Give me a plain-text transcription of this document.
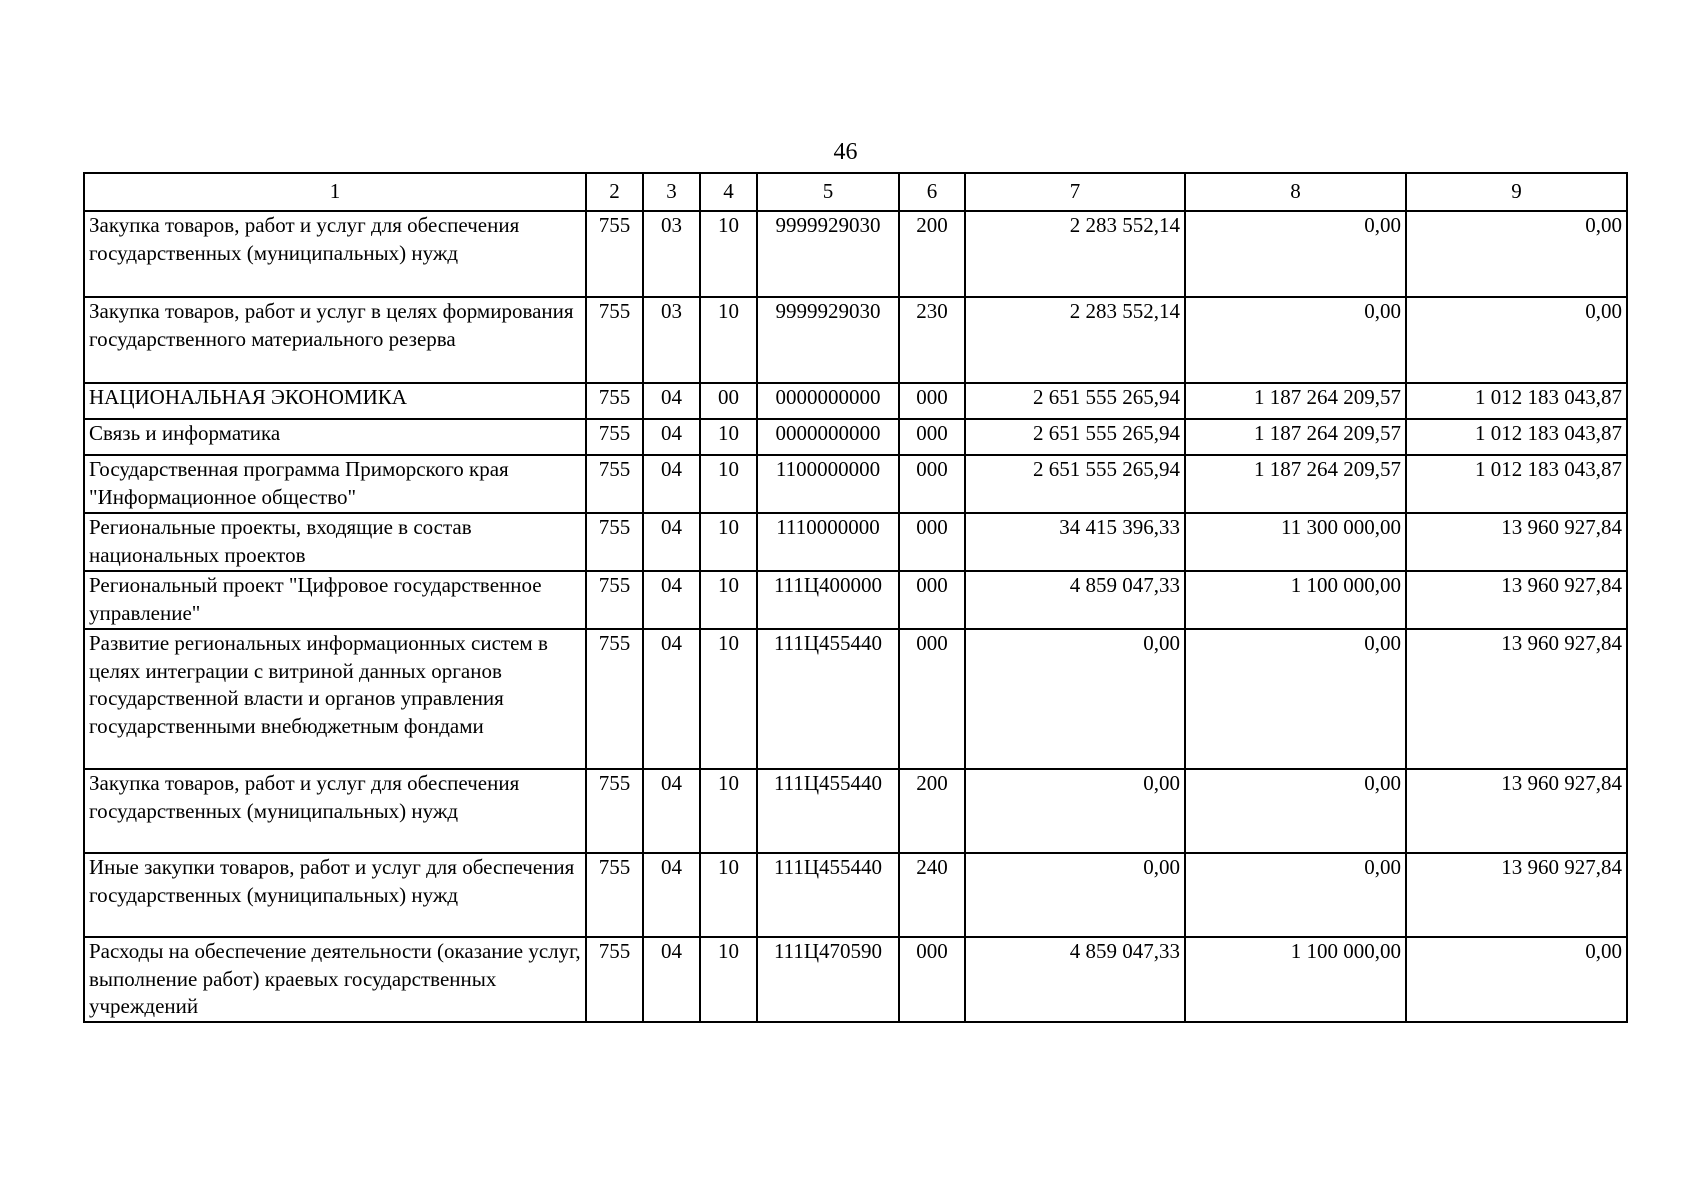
46
1	2	3	4	5	6	7	8	9
Закупка товаров, работ и услуг для обеспечения государственных (муниципальных) нужд	755	03	10	9999929030	200	2 283 552,14	0,00	0,00
Закупка товаров, работ и услуг в целях формирования государственного материального резерва	755	03	10	9999929030	230	2 283 552,14	0,00	0,00
НАЦИОНАЛЬНАЯ ЭКОНОМИКА	755	04	00	0000000000	000	2 651 555 265,94	1 187 264 209,57	1 012 183 043,87
Связь и информатика	755	04	10	0000000000	000	2 651 555 265,94	1 187 264 209,57	1 012 183 043,87
Государственная программа Приморского края "Информационное общество"	755	04	10	1100000000	000	2 651 555 265,94	1 187 264 209,57	1 012 183 043,87
Региональные проекты, входящие в состав национальных проектов	755	04	10	1110000000	000	34 415 396,33	11 300 000,00	13 960 927,84
Региональный проект "Цифровое государственное управление"	755	04	10	111Ц400000	000	4 859 047,33	1 100 000,00	13 960 927,84
Развитие региональных информационных систем в целях интеграции с витриной данных органов государственной власти и органов управления государственными внебюджетным фондами	755	04	10	111Ц455440	000	0,00	0,00	13 960 927,84
Закупка товаров, работ и услуг для обеспечения государственных (муниципальных) нужд	755	04	10	111Ц455440	200	0,00	0,00	13 960 927,84
Иные закупки товаров, работ и услуг для обеспечения государственных (муниципальных) нужд	755	04	10	111Ц455440	240	0,00	0,00	13 960 927,84
Расходы на обеспечение деятельности (оказание услуг, выполнение работ) краевых государственных учреждений	755	04	10	111Ц470590	000	4 859 047,33	1 100 000,00	0,00
